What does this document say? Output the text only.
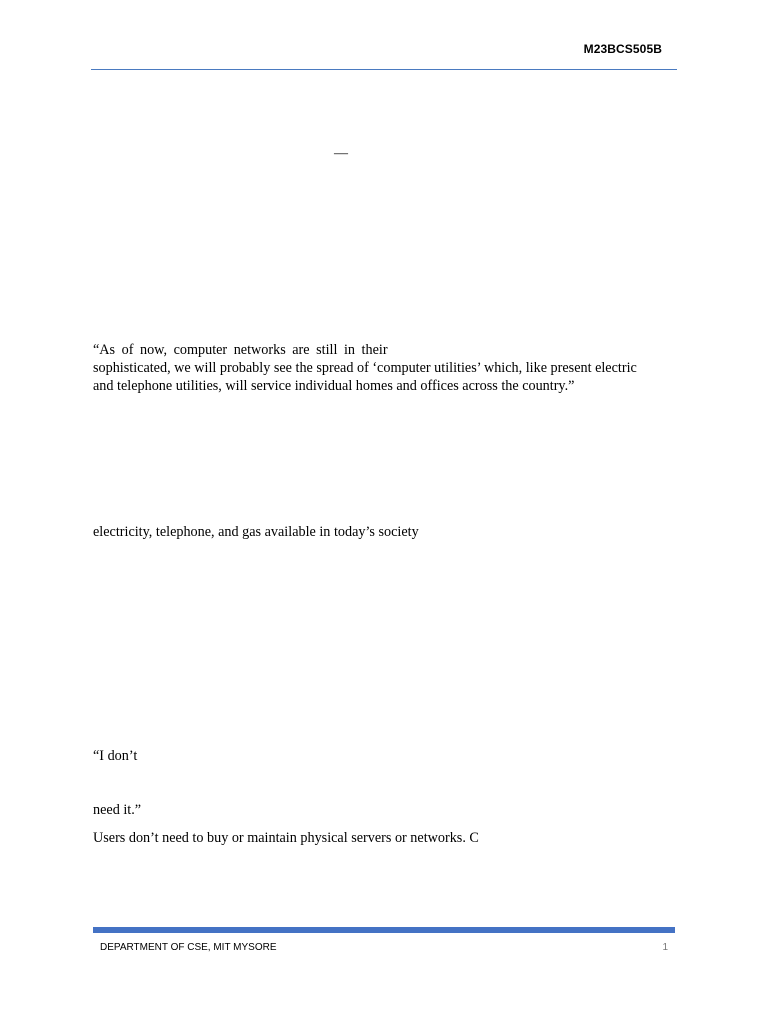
M23BCS505B
—
“As of now, computer networks are still in their
sophisticated, we will probably see the spread of ‘computer utilities’ which, like present electric
and telephone utilities, will service individual homes and offices across the country.”
electricity, telephone, and gas available in today’s society
“I don’t
need it.”
Users don’t need to buy or maintain physical servers or networks. C
DEPARTMENT OF CSE, MIT MYSORE	1
